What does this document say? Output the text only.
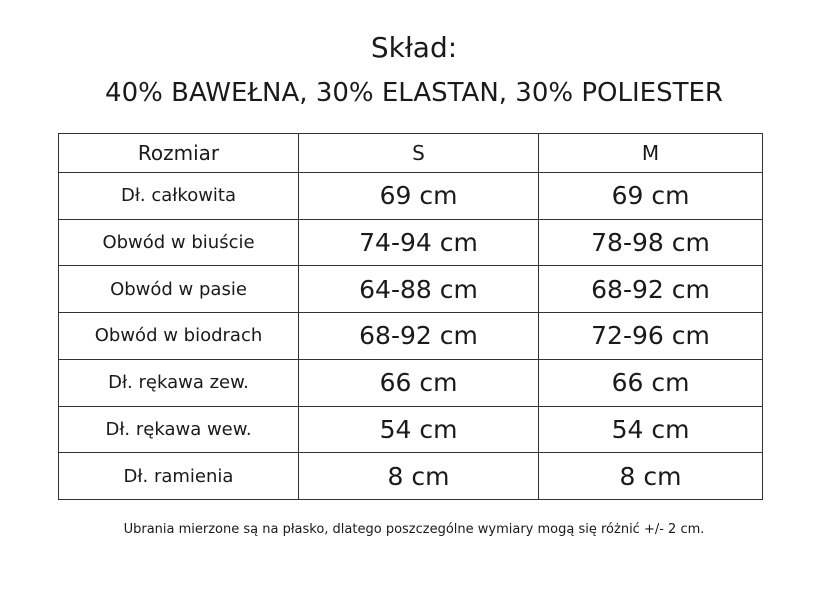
Skład:
40% BAWEŁNA, 30% ELASTAN, 30% POLIESTER
Rozmiar	S	M
Dł. całkowita	69 cm	69 cm
Obwód w biuście	74-94 cm	78-98 cm
Obwód w pasie	64-88 cm	68-92 cm
Obwód w biodrach	68-92 cm	72-96 cm
Dł. rękawa zew.	66 cm	66 cm
Dł. rękawa wew.	54 cm	54 cm
Dł. ramienia	8 cm	8 cm
Ubrania mierzone są na płasko, dlatego poszczególne wymiary mogą się różnić +/- 2 cm.
